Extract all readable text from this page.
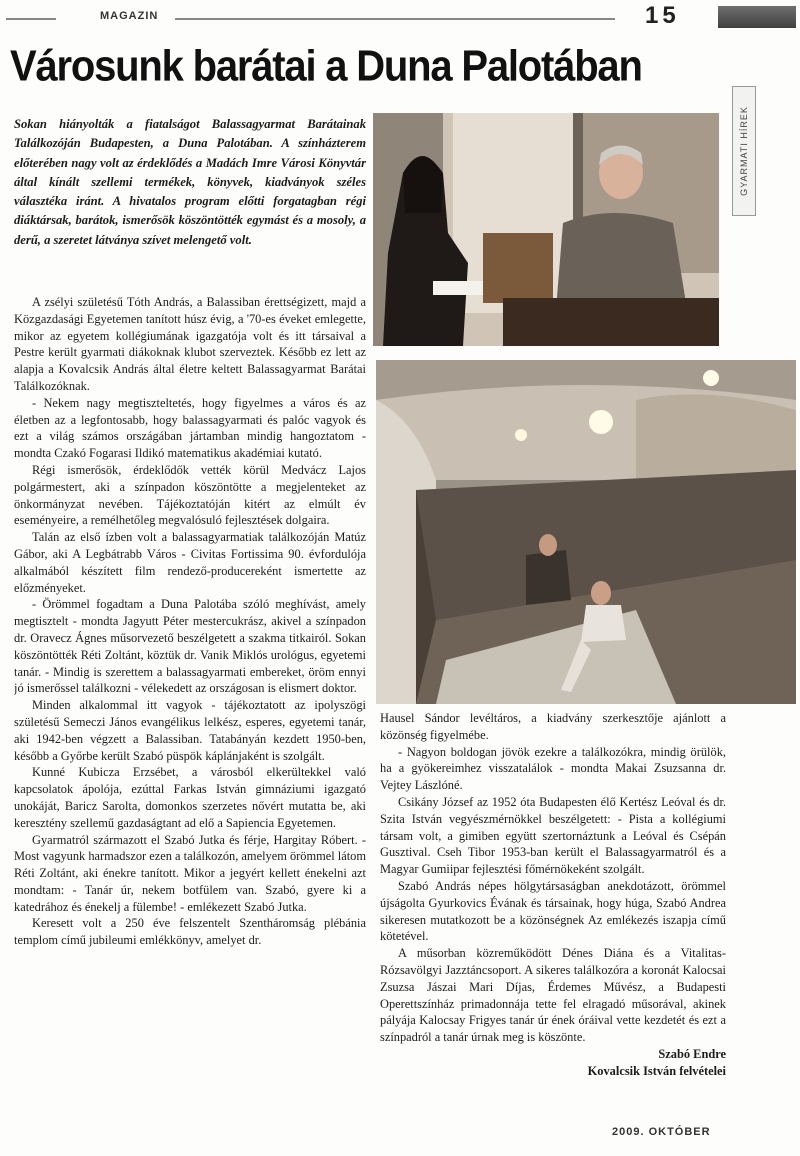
MAGAZIN	15
Városunk barátai a Duna Palotában
GYARMATI HÍREK

Sokan hiányolták a fiatalságot Balassagyarmat Barátainak Találkozóján Budapesten, a Duna Palotában. A színházterem előterében nagy volt az érdeklődés a Madách Imre Városi Könyvtár által kínált szellemi termékek, könyvek, kiadványok széles választéka iránt. A hivatalos program előtti forgatagban régi diáktársak, barátok, ismerősök köszöntötték egymást és a mosoly, a derű, a szeretet látványa szívet melengető volt.

A zsélyi születésű Tóth András, a Balassiban érettségizett, majd a Közgazdasági Egyetemen tanított húsz évig, a '70-es éveket emlegette, mikor az egyetem kollégiumának igazgatója volt és itt társaival a Pestre került gyarmati diákoknak klubot szerveztek. Később ez lett az alapja a Kovalcsik András által életre keltett Balassagyarmat Barátai Találkozóknak.

- Nekem nagy megtiszteltetés, hogy figyelmes a város és az életben az a legfontosabb, hogy balassagyarmati és palóc vagyok és ezt a világ számos országában jártamban mindig hangoztatom - mondta Czakó Fogarasi Ildikó matematikus akadémiai kutató.

Régi ismerősök, érdeklődők vették körül Medvácz Lajos polgármestert, aki a színpadon köszöntötte a megjelenteket az önkormányzat nevében. Tájékoztatóján kitért az elmúlt év eseményeire, a remélhetőleg megvalósuló fejlesztések dolgaira.

Talán az első ízben volt a balassagyarmatiak találkozóján Matúz Gábor, aki A Legbátrabb Város - Civitas Fortissima 90. évfordulója alkalmából készített film rendező-producereként ismertette az előzményeket.

- Örömmel fogadtam a Duna Palotába szóló meghívást, amely megtisztelt - mondta Jagyutt Péter mestercukrász, akivel a színpadon dr. Oravecz Ágnes műsorvezető beszélgetett a szakma titkairól. Sokan köszöntötték Réti Zoltánt, köztük dr. Vanik Miklós urológus, egyetemi tanár. - Mindig is szerettem a balassagyarmati embereket, öröm ennyi jó ismerőssel találkozni - vélekedett az országosan is elismert doktor.

Minden alkalommal itt vagyok - tájékoztatott az ipolyszögi születésű Semeczi János evangélikus lelkész, esperes, egyetemi tanár, aki 1942-ben végzett a Balassiban. Tatabányán kezdett 1950-ben, később a Győrbe került Szabó püspök káplánjaként is szolgált.

Kunné Kubicza Erzsébet, a városból elkerültekkel való kapcsolatok ápolója, ezúttal Farkas István gimnáziumi igazgató unokáját, Baricz Sarolta, domonkos szerzetes nővért mutatta be, aki keresztény szellemű gazdaságtant ad elő a Sapiencia Egyetemen.

Gyarmatról származott el Szabó Jutka és férje, Hargitay Róbert. - Most vagyunk harmadszor ezen a találkozón, amelyem örömmel látom Réti Zoltánt, aki énekre tanított. Mikor a jegyért kellett énekelni azt mondtam: - Tanár úr, nekem botfülem van. Szabó, gyere ki a katedrához és énekelj a fülembe! - emlékezett Szabó Jutka.

Keresett volt a 250 éve felszentelt Szentháromság plébánia templom című jubileumi emlékkönyv, amelyet dr.

Hausel Sándor levéltáros, a kiadvány szerkesztője ajánlott a közönség figyelmébe.

- Nagyon boldogan jövök ezekre a találkozókra, mindig örülök, ha a gyökereimhez visszatalálok - mondta Makai Zsuzsanna dr. Vejtey Lászlóné.

Csikány József az 1952 óta Budapesten élő Kertész Leóval és dr. Szita István vegyészmérnökkel beszélgetett: - Pista a kollégiumi társam volt, a gimiben együtt szertornáztunk a Leóval és Csépán Gusztival. Cseh Tibor 1953-ban került el Balassagyarmatról és a Magyar Gumiipar fejlesztési főmérnökeként szolgált.

Szabó András népes hölgytársaságban anekdotázott, örömmel újságolta Gyurkovics Évának és társainak, hogy húga, Szabó Andrea sikeresen mutatkozott be a közönségnek Az emlékezés iszapja című kötetével.

A műsorban közreműködött Dénes Diána és a Vitalitas- Rózsavölgyi Jazztáncsoport. A sikeres találkozóra a koronát Kalocsai Zsuzsa Jászai Mari Díjas, Érdemes Művész, a Budapesti Operettszínház primadonnája tette fel elragadó műsorával, akinek pályája Kalocsay Frigyes tanár úr ének óráival vette kezdetét és ezt a színpadról a tanár úrnak meg is köszönte.

Szabó Endre
Kovalcsik István felvételei

2009. OKTÓBER
